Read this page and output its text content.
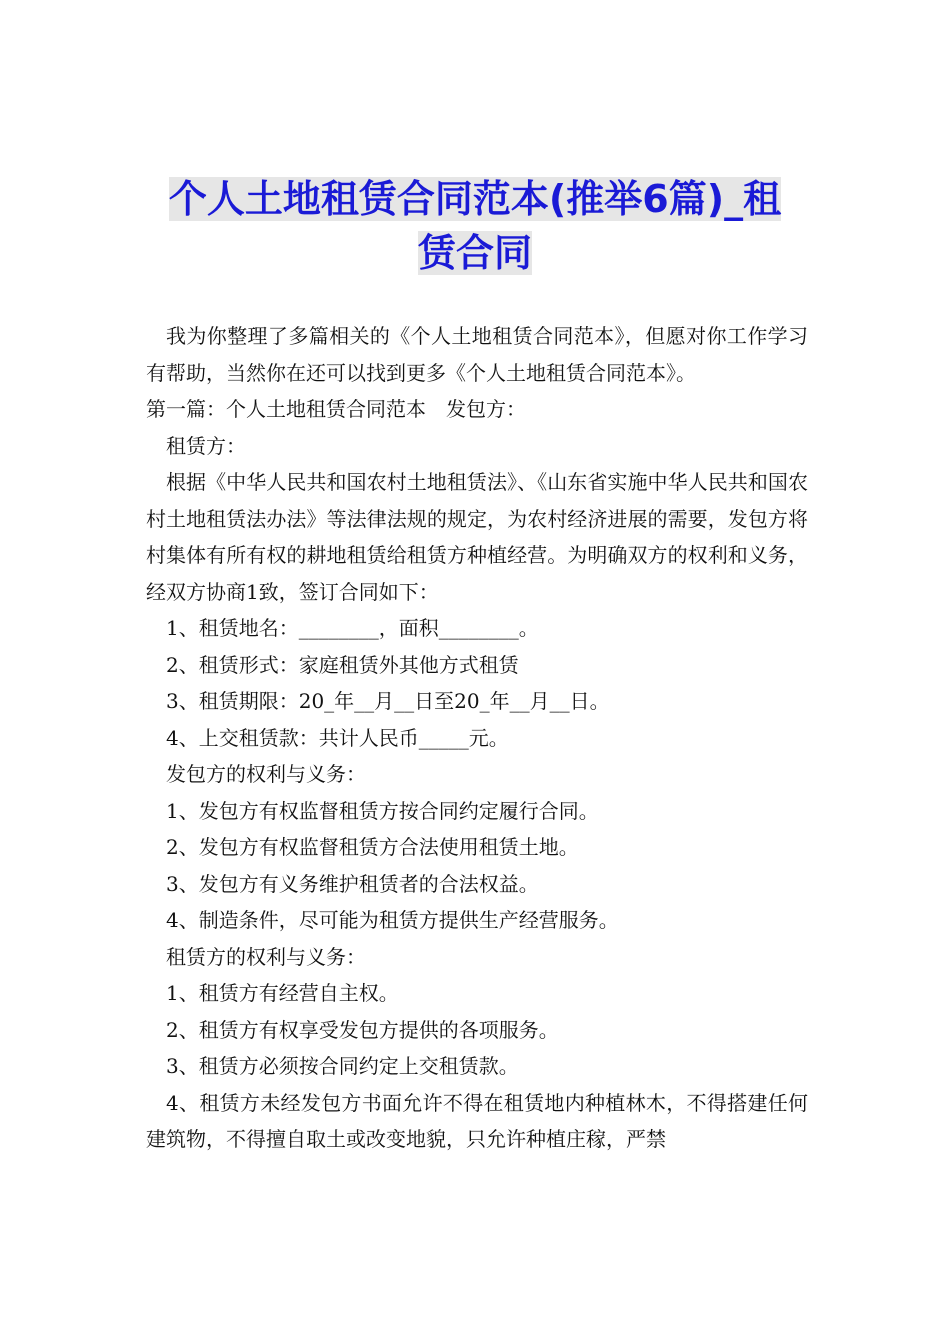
个人土地租赁合同范本(推举6篇)_租
赁合同

我为你整理了多篇相关的《个人土地租赁合同范本》，但愿对你工作学习有帮助，当然你在还可以找到更多《个人土地租赁合同范本》。

第一篇：个人土地租赁合同范本　发包方：

租赁方：

根据《中华人民共和国农村土地租赁法》、《山东省实施中华人民共和国农村土地租赁法办法》等法律法规的规定，为农村经济进展的需要，发包方将村集体有所有权的耕地租赁给租赁方种植经营。为明确双方的权利和义务，经双方协商1致，签订合同如下：

1、租赁地名：________，面积________。

2、租赁形式：家庭租赁外其他方式租赁

3、租赁期限：20_年__月__日至20_年__月__日。

4、上交租赁款：共计人民币_____元。

发包方的权利与义务：

1、发包方有权监督租赁方按合同约定履行合同。

2、发包方有权监督租赁方合法使用租赁土地。

3、发包方有义务维护租赁者的合法权益。

4、制造条件，尽可能为租赁方提供生产经营服务。

租赁方的权利与义务：

1、租赁方有经营自主权。

2、租赁方有权享受发包方提供的各项服务。

3、租赁方必须按合同约定上交租赁款。

4、租赁方未经发包方书面允许不得在租赁地内种植林木，不得搭建任何建筑物，不得擅自取土或改变地貌，只允许种植庄稼，严禁
